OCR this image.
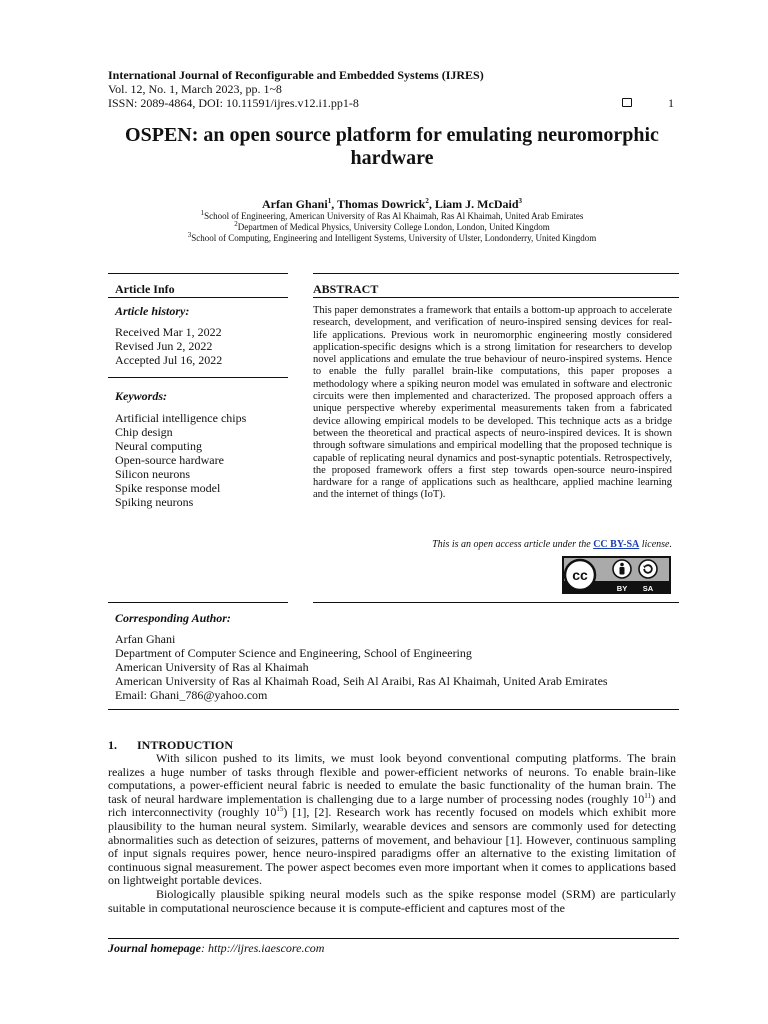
International Journal of Reconfigurable and Embedded Systems (IJRES)
Vol. 12, No. 1, March 2023, pp. 1~8
ISSN: 2089-4864, DOI: 10.11591/ijres.v12.i1.pp1-8	1
OSPEN: an open source platform for emulating neuromorphic hardware
Arfan Ghani$^1$, Thomas Dowrick$^2$, Liam J. McDaid$^3$
$^1$School of Engineering, American University of Ras Al Khaimah, Ras Al Khaimah, United Arab Emirates
$^2$Departmen of Medical Physics, University College London, London, United Kingdom
$^3$School of Computing, Engineering and Intelligent Systems, University of Ulster, Londonderry, United Kingdom
Article Info
Article history:
Received Mar 1, 2022
Revised Jun 2, 2022
Accepted Jul 16, 2022
Keywords:
Artificial intelligence chips
Chip design
Neural computing
Open-source hardware
Silicon neurons
Spike response model
Spiking neurons
ABSTRACT
This paper demonstrates a framework that entails a bottom-up approach to accelerate research, development, and verification of neuro-inspired sensing devices for real-life applications. Previous work in neuromorphic engineering mostly considered application-specific designs which is a strong limitation for researchers to develop novel applications and emulate the true behaviour of neuro-inspired systems. Hence to enable the fully parallel brain-like computations, this paper proposes a methodology where a spiking neuron model was emulated in software and electronic circuits were then implemented and characterized. The proposed approach offers a unique perspective whereby experimental measurements taken from a fabricated device allowing empirical models to be developed. This technique acts as a bridge between the theoretical and practical aspects of neuro-inspired devices. It is shown through software simulations and empirical modelling that the proposed technique is capable of replicating neural dynamics and post-synaptic potentials. Retrospectively, the proposed framework offers a first step towards open-source neuro-inspired hardware for a range of applications such as healthcare, applied machine learning and the internet of things (IoT).
This is an open access article under the CC BY-SA license.
cc
BY SA
Corresponding Author:
Arfan Ghani
Department of Computer Science and Engineering, School of Engineering
American University of Ras al Khaimah
American University of Ras al Khaimah Road, Seih Al Araibi, Ras Al Khaimah, United Arab Emirates
Email: Ghani_786@yahoo.com
1. INTRODUCTION

With silicon pushed to its limits, we must look beyond conventional computing platforms. The brain realizes a huge number of tasks through flexible and power-efficient networks of neurons. To enable brain-like computations, a power-efficient neural fabric is needed to emulate the basic functionality of the human brain. The task of neural hardware implementation is challenging due to a large number of processing nodes (roughly $10^{11}$) and rich interconnectivity (roughly $10^{15}$) [1], [2]. Research work has recently focused on models which exhibit more plausibility to the human neural system. Similarly, wearable devices and sensors are commonly used for detecting abnormalities such as detection of seizures, patterns of movement, and behaviour [1]. However, continuous sampling of input signals requires power, hence neuro-inspired paradigms offer an alternative to the existing limitation of continuous signal measurement. The power aspect becomes even more important when it comes to applications based on lightweight portable devices.

Biologically plausible spiking neural models such as the spike response model (SRM) are particularly suitable in computational neuroscience because it is compute-efficient and captures most of the

Journal homepage: http://ijres.iaescore.com
